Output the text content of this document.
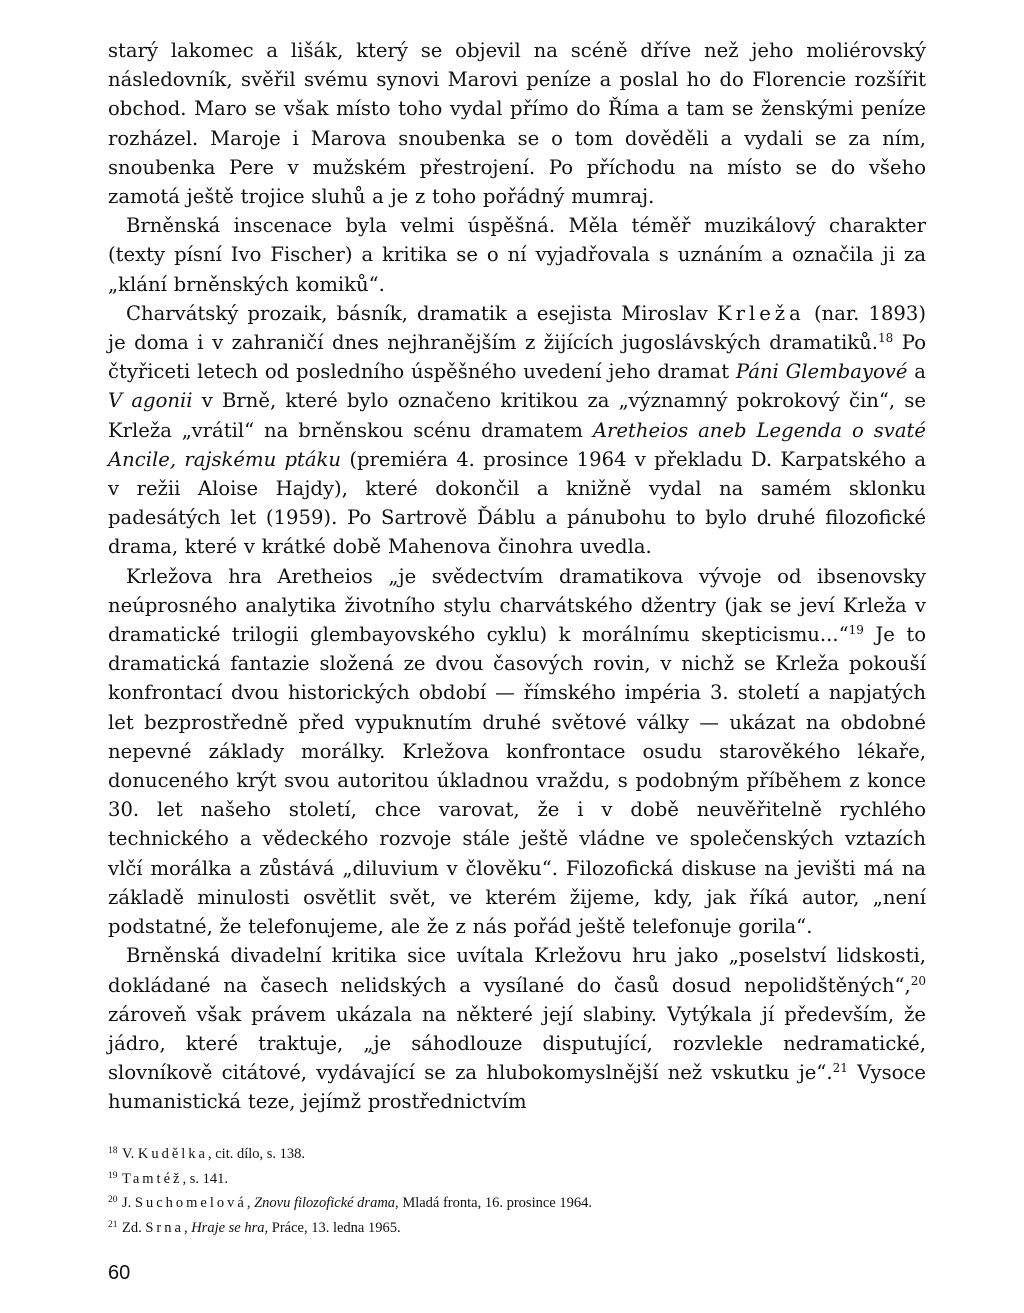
starý lakomec a lišák, který se objevil na scéně dříve než jeho moliérovský následovník, svěřil svému synovi Marovi peníze a poslal ho do Florencie rozšířit obchod. Maro se však místo toho vydal přímo do Říma a tam se ženskými peníze rozházel. Maroje i Marova snoubenka se o tom dověděli a vydali se za ním, snoubenka Pere v mužském přestrojení. Po příchodu na místo se do všeho zamotá ještě trojice sluhů a je z toho pořádný mumraj.

Brněnská inscenace byla velmi úspěšná. Měla téměř muzikálový charakter (texty písní Ivo Fischer) a kritika se o ní vyjadřovala s uznáním a označila ji za „klání brněnských komiků“.

Charvátský prozaik, básník, dramatik a esejista Miroslav Krleža (nar. 1893) je doma i v zahraničí dnes nejhranějším z žijících jugoslávských dramatiků.$^{18}$ Po čtyřiceti letech od posledního úspěšného uvedení jeho dramat Páni Glembayové a V agonii v Brně, které bylo označeno kritikou za „významný pokrokový čin“, se Krleža „vrátil“ na brněnskou scénu dramatem Aretheios aneb Legenda o svaté Ancile, rajskému ptáku (premiéra 4. prosince 1964 v překladu D. Karpatského a v režii Aloise Hajdy), které dokončil a knižně vydal na samém sklonku padesátých let (1959). Po Sartrově Ďáblu a pánubohu to bylo druhé filozofické drama, které v krátké době Mahenova činohra uvedla.

Krležova hra Aretheios „je svědectvím dramatikova vývoje od ibsenovsky neúprosného analytika životního stylu charvátského džentry (jak se jeví Krleža v dramatické trilogii glembayovského cyklu) k morálnímu skepticismu...“$^{19}$ Je to dramatická fantazie složená ze dvou časových rovin, v nichž se Krleža pokouší konfrontací dvou historických období — římského impéria 3. století a napjatých let bezprostředně před vypuknutím druhé světové války — ukázat na obdobné nepevné základy morálky. Krležova konfrontace osudu starověkého lékaře, donuceného krýt svou autoritou úkladnou vraždu, s podobným příběhem z konce 30. let našeho století, chce varovat, že i v době neuvěřitelně rychlého technického a vědeckého rozvoje stále ještě vládne ve společenských vztazích vlčí morálka a zůstává „diluvium v člověku“. Filozofická diskuse na jevišti má na základě minulosti osvětlit svět, ve kterém žijeme, kdy, jak říká autor, „není podstatné, že telefonujeme, ale že z nás pořád ještě telefonuje gorila“.

Brněnská divadelní kritika sice uvítala Krležovu hru jako „poselství lidskosti, dokládané na časech nelidských a vysílané do časů dosud nepolidštěných“,$^{20}$ zároveň však právem ukázala na některé její slabiny. Vytýkala jí především, že jádro, které traktuje, „je sáhodlouze disputující, rozvlekle nedramatické, slovníkově citátové, vydávající se za hlubokomyslnější než vskutku je“.$^{21}$ Vysoce humanistická teze, jejímž prostřednictvím

18 V. Kudělka, cit. dílo, s. 138.

19 Tamtéž, s. 141.

20 J. Suchomelová, Znovu filozofické drama, Mladá fronta, 16. prosince 1964.

21 Zd. Srna, Hraje se hra, Práce, 13. ledna 1965.

60
